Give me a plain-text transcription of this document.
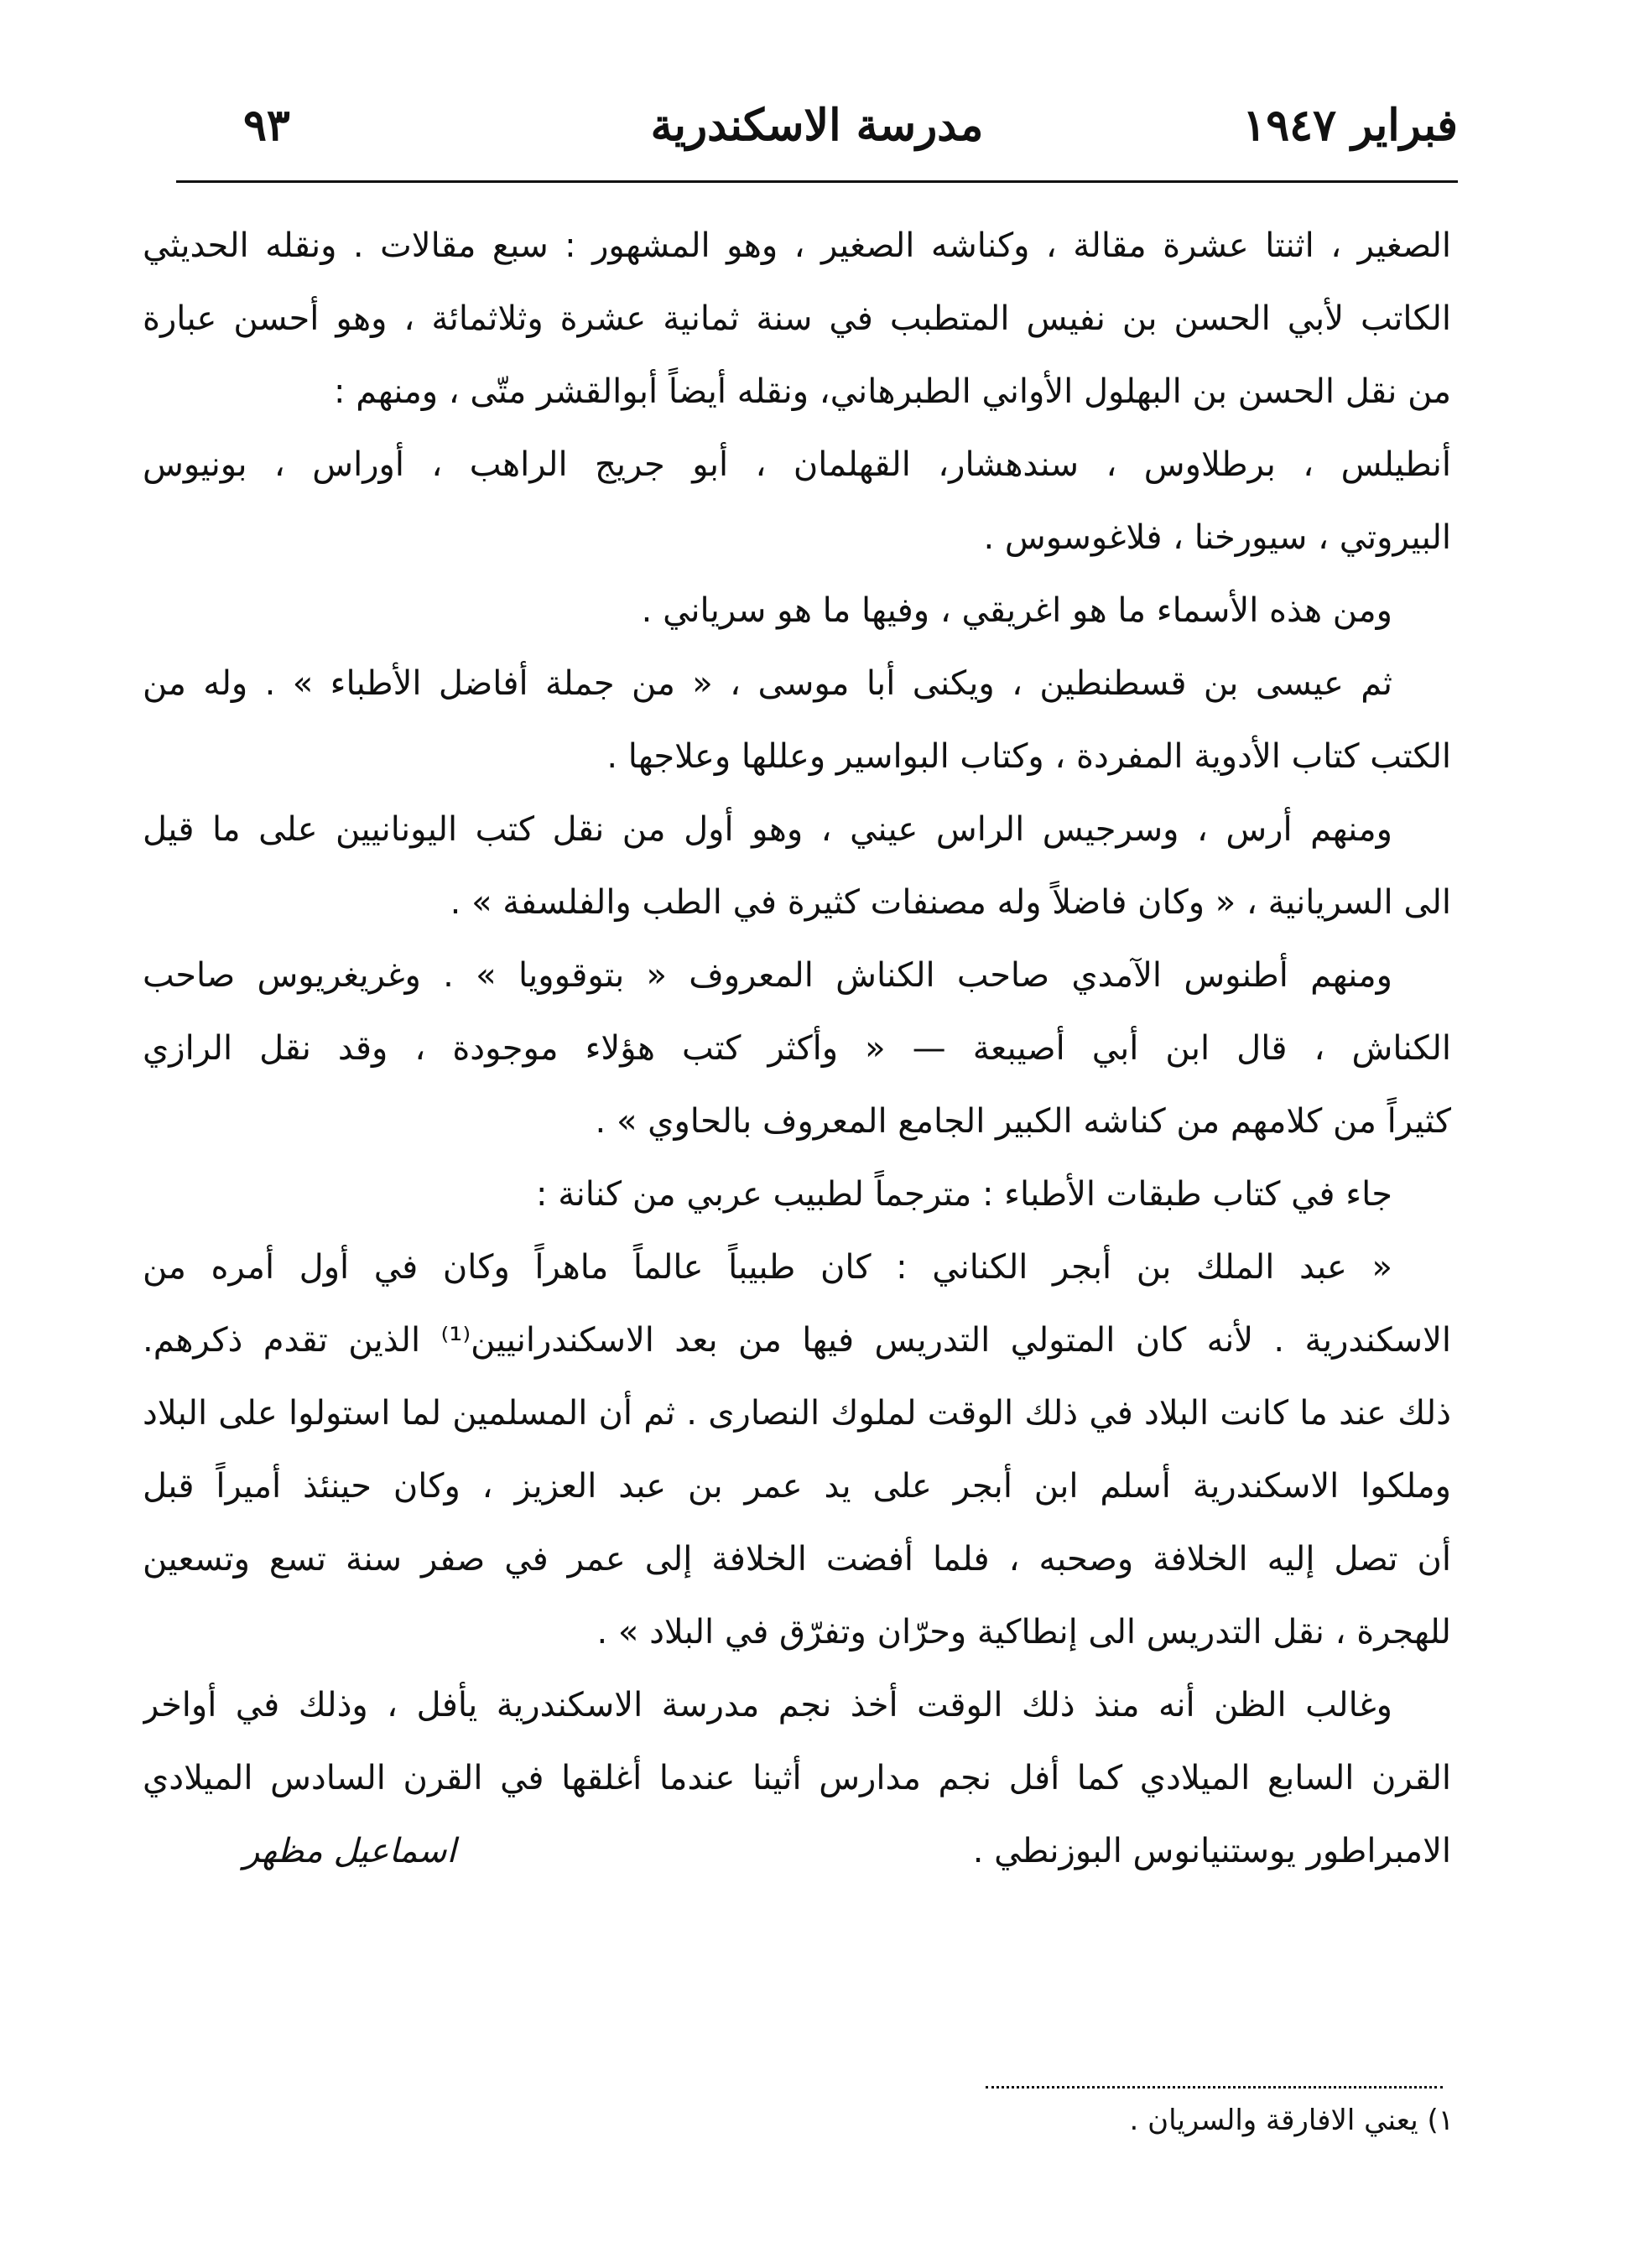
٩٣	مدرسة الاسكندرية	فبراير ١٩٤٧
الصغير ، اثنتا عشرة مقالة ، وكناشه الصغير ، وهو المشهور : سبع مقالات . ونقله الحديثي
الكاتب لأبي الحسن بن نفيس المتطبب في سنة ثمانية عشرة وثلاثمائة ، وهو أحسن عبارة
من نقل الحسن بن البهلول الأواني الطبرهاني، ونقله أيضاً أبوالقشر متّى ، ومنهم :
أنطيلس ، برطلاوس ، سندهشار، القهلمان ، أبو جريج الراهب ، أوراس ، بونيوس
البيروتي ، سيورخنا ، فلاغوسوس .
ومن هذه الأسماء ما هو اغريقي ، وفيها ما هو سرياني .
ثم عيسى بن قسطنطين ، ويكنى أبا موسى ، « من جملة أفاضل الأطباء » . وله من
الكتب كتاب الأدوية المفردة ، وكتاب البواسير وعللها وعلاجها .
ومنهم أرس ، وسرجيس الراس عيني ، وهو أول من نقل كتب اليونانيين على ما قيل
الى السريانية ، « وكان فاضلاً وله مصنفات كثيرة في الطب والفلسفة » .
ومنهم أطنوس الآمدي صاحب الكناش المعروف « بتوقوويا » . وغريغريوس صاحب
الكناش ، قال ابن أبي أصيبعة — « وأكثر كتب هؤلاء موجودة ، وقد نقل الرازي
كثيراً من كلامهم من كناشه الكبير الجامع المعروف بالحاوي » .
جاء في كتاب طبقات الأطباء : مترجماً لطبيب عربي من كنانة :
« عبد الملك بن أبجر الكناني : كان طبيباً عالماً ماهراً وكان في أول أمره من
الاسكندرية . لأنه كان المتولي التدريس فيها من بعد الاسكندرانيين⁽¹⁾ الذين تقدم ذكرهم.
ذلك عند ما كانت البلاد في ذلك الوقت لملوك النصارى . ثم أن المسلمين لما استولوا على البلاد
وملكوا الاسكندرية أسلم ابن أبجر على يد عمر بن عبد العزيز ، وكان حينئذ أميراً قبل
أن تصل إليه الخلافة وصحبه ، فلما أفضت الخلافة إلى عمر في صفر سنة تسع وتسعين
للهجرة ، نقل التدريس الى إنطاكية وحرّان وتفرّق في البلاد » .
وغالب الظن أنه منذ ذلك الوقت أخذ نجم مدرسة الاسكندرية يأفل ، وذلك في أواخر
القرن السابع الميلادي كما أفل نجم مدارس أثينا عندما أغلقها في القرن السادس الميلادي
الامبراطور يوستنيانوس البوزنطي .
اسماعيل مظهر
١) يعني الافارقة والسريان .
